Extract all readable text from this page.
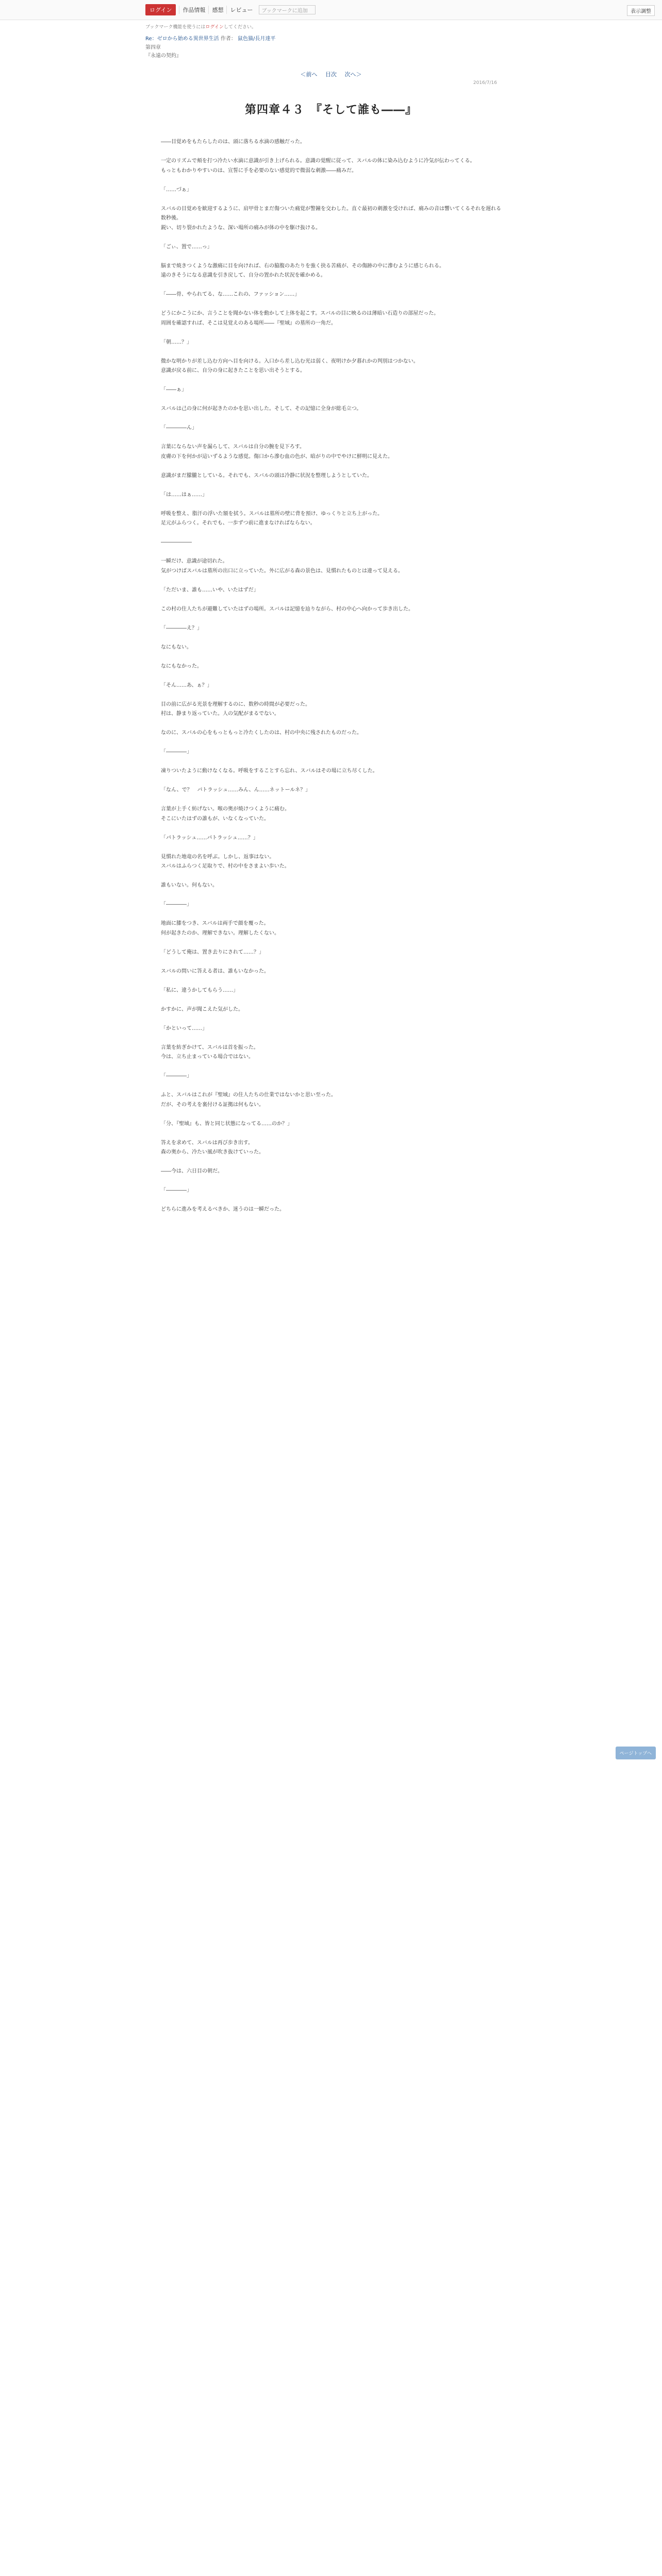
ログイン	作品情報	感想	レビュー	ブックマークに追加	表示調整
ブックマーク機能を使うにはログインしてください。
Re：ゼロから始める異世界生活 作者： 鼠色猫/長月達平
第四章
『永遠の契約』
＜前へ 目次 次へ＞
2016/7/16
第四章４３　『そして誰も――』

――目覚めをもたらしたのは、頭に落ちる水滴の感触だった。

一定のリズムで頬を打つ冷たい水滴に意識が引き上げられる。意識の覚醒に従って、スバルの体に染み込むように冷気が伝わってくる。

もっともわかりやすいのは、宣誓に手を必要のない感覚的で微弱な刺激――痛みだ。

「……づぁ」

スバルの目覚めを歓迎するように、肩甲骨とまだ傷ついた痛覚が警鐘を交わした。直ぐ最初の刺激を受ければ、痛みの音は響いてくるそれを遅れる数秒後。

鋭い、切り裂かれたような、深い場所の痛みが体の中を駆け抜ける。

「ごぃ、置で……っ」

脳まで焼きつくような激痛に目を向ければ、右の脇腹のあたりを強く抉る苦痛が、その傷跡の中に滲むように感じられる。

遠のきそうになる意識を引き戻して、自分の置かれた状況を確かめる。

「――骨、やられてる、な……これの、ファッション……」

どうにかこうにか、言うことを聞かない体を動かして上体を起こす。スバルの目に映るのは薄暗い石造りの部屋だった。

周囲を確認すれば、そこは見覚えのある場所――『聖域』の墓所の一角だ。

「朝……？」

微かな明かりが差し込む方向へ目を向ける。入口から差し込む光は弱く、夜明けか夕暮れかの判別はつかない。

意識が戻る前に、自分の身に起きたことを思い出そうとする。

「――ぁ」

スバルは己の身に何が起きたのかを思い出した。そして、その記憶に全身が総毛立つ。

「――――ん」

言葉にならない声を漏らして、スバルは自分の腕を見下ろす。

皮膚の下を何かが這いずるような感覚。傷口から滲む血の色が、暗がりの中でやけに鮮明に見えた。

意識がまだ朦朧としている。それでも、スバルの頭は冷静に状況を整理しようとしていた。

「は……はぁ……」

呼吸を整え、脂汗の浮いた額を拭う。スバルは墓所の壁に背を預け、ゆっくりと立ち上がった。

足元がふらつく。それでも、一歩ずつ前に進まなければならない。

――――――

一瞬だけ、意識が途切れた。

気がつけばスバルは墓所の出口に立っていた。外に広がる森の景色は、見慣れたものとは違って見える。

「ただいま、誰も……いや、いたはずだ」

この村の住人たちが避難していたはずの場所。スバルは記憶を辿りながら、村の中心へ向かって歩き出した。

「――――え？」

なにもない。

なにもなかった。

「そん……あ、ぁ？」

目の前に広がる光景を理解するのに、数秒の時間が必要だった。

村は、静まり返っていた。人の気配がまるでない。

なのに、スバルの心をもっともっと冷たくしたのは、村の中央に残されたものだった。

「――――」

凍りついたように動けなくなる。呼吸をすることすら忘れ、スバルはその場に立ち尽くした。

「なん、で？　パトラッシュ……みん、ん……ネットールネ？」

言葉が上手く紡げない。喉の奥が焼けつくように痛む。

そこにいたはずの誰もが、いなくなっていた。

「パトラッシュ……パトラッシュ……？」

見慣れた地竜の名を呼ぶ。しかし、返事はない。

スバルはふらつく足取りで、村の中をさまよい歩いた。

誰もいない。何もない。

「――――」

地面に膝をつき、スバルは両手で顔を覆った。

何が起きたのか、理解できない。理解したくない。

「どうして俺は、置き去りにされて……？」

スバルの問いに答える者は、誰もいなかった。

「私に、違うかしてもらう……」

かすかに、声が聞こえた気がした。

「かといって……」

言葉を紡ぎかけて、スバルは首を振った。

今は、立ち止まっている場合ではない。

「――――」

ふと、スバルはこれが『聖域』の住人たちの仕業ではないかと思い至った。

だが、その考えを裏付ける証拠は何もない。

「分、『聖域』も、皆と同じ状態になってる……のか？」

答えを求めて、スバルは再び歩き出す。

森の奥から、冷たい風が吹き抜けていった。

――今は、六日目の朝だ。

「――――」

どちらに進みを考えるべきか、迷うのは一瞬だった。

ページトップへ
